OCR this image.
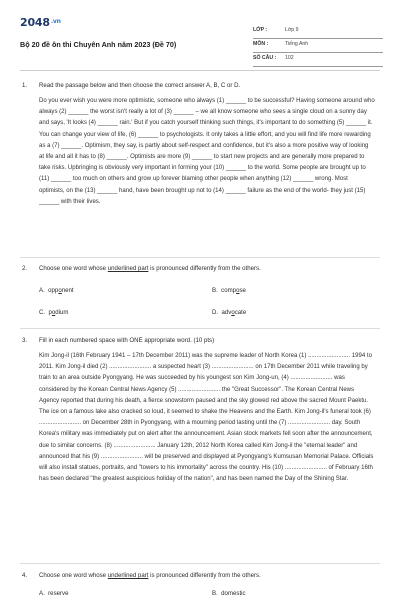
$2048^{.vn}$
Bộ 20 đề ôn thi Chuyên Anh năm 2023 (Đề 70)
LỚP :	Lớp 9
MÔN :	Tiếng Anh
SỐ CÂU : 102
1. Read the passage below and then choose the correct answer A, B, C or D.
Do you ever wish you were more optimistic, someone who always (1) ______ to be successful? Having someone around who always (2) ______ the worst isn't really a lot of (3) ______ – we all know someone who sees a single cloud on a sunny day and says, 'It looks (4) ______ rain.' But if you catch yourself thinking such things, it's important to do something (5) ______ it. You can change your view of life, (6) ______ to psychologists. It only takes a little effort, and you will find life more rewarding as a (7) ______. Optimism, they say, is partly about self-respect and confidence, but it's also a more positive way of looking at life and all it has to (8) ______. Optimists are more (9) ______ to start new projects and are generally more prepared to take risks. Upbringing is obviously very important in forming your (10) ______ to the world. Some people are brought up to (11) ______ too much on others and grow up forever blaming other people when anything (12) ______ wrong. Most optimists, on the (13) ______ hand, have been brought up not to (14) ______ failure as the end of the world- they just (15) ______ with their lives.
2. Choose one word whose underlined part is pronounced differently from the others.
A. opponent	B. compose
C. podium	D. advocate
3. Fill in each numbered space with ONE appropriate word. (10 pts)
Kim Jong-il (16th February 1941 – 17th December 2011) was the supreme leader of North Korea (1) ......................... 1994 to 2011. Kim Jong-il died (2) ......................... a suspected heart (3) ......................... on 17th December 2011 while traveling by train to an area outside Pyongyang. He was succeeded by his youngest son Kim Jong-un, (4) ......................... was considered by the Korean Central News Agency (5) ......................... the "Great Successor". The Korean Central News Agency reported that during his death, a fierce snowstorm paused and the sky glowed red above the sacred Mount Paektu. The ice on a famous lake also cracked so loud, it seemed to shake the Heavens and the Earth. Kim Jong-il's funeral took (6) ......................... on December 28th in Pyongyang, with a mourning period lasting until the (7) ......................... day. South Korea's military was immediately put on alert after the announcement. Asian stock markets fell soon after the announcement, due to similar concerns. (8) ......................... January 12th, 2012 North Korea called Kim Jong-il the "eternal leader" and announced that his (9) ......................... will be preserved and displayed at Pyongyang's Kumsusan Memorial Palace. Officials will also install statues, portraits, and "towers to his immortality" across the country. His (10) ......................... of February 16th has been declared "the greatest auspicious holiday of the nation", and has been named the Day of the Shining Star.
4. Choose one word whose underlined part is pronounced differently from the others.
A. reserve	B. domestic
